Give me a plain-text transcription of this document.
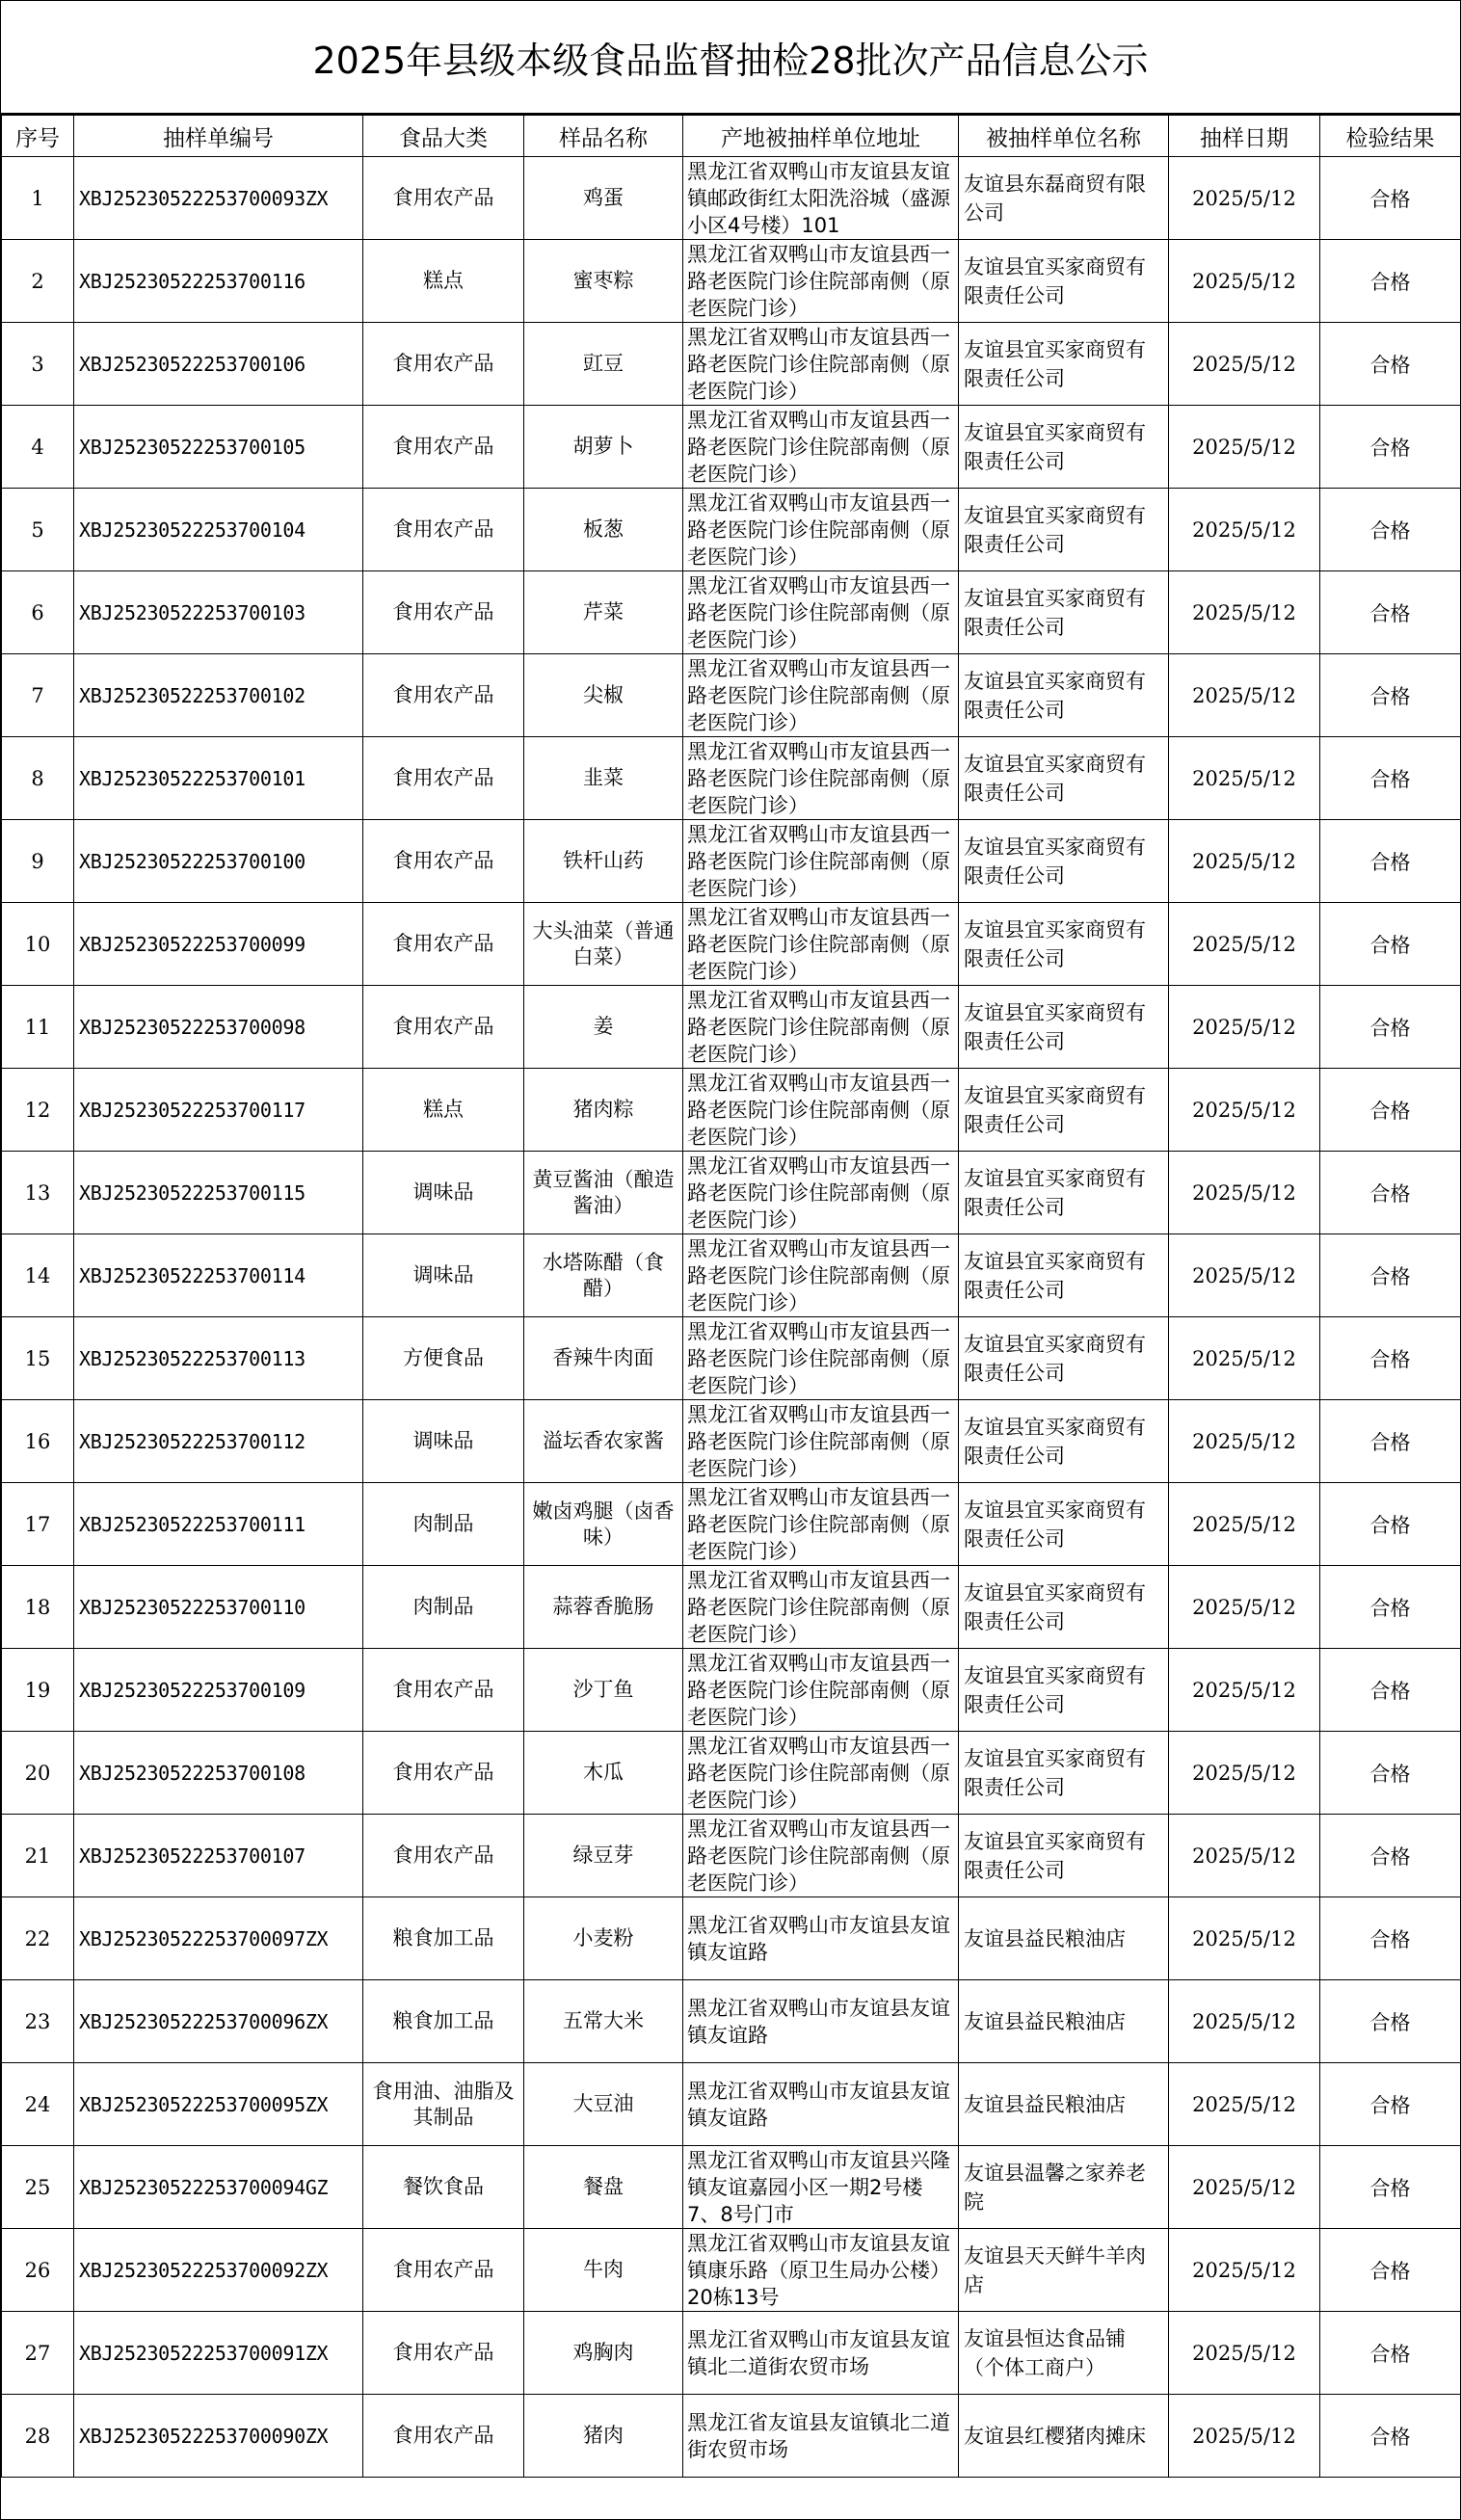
2025年县级本级食品监督抽检28批次产品信息公示
序号	抽样单编号	食品大类	样品名称	产地被抽样单位地址	被抽样单位名称	抽样日期	检验结果
1	XBJ25230522253700093ZX	食用农产品	鸡蛋	黑龙江省双鸭山市友谊县友谊镇邮政街红太阳洗浴城（盛源小区4号楼）101	友谊县东磊商贸有限公司	2025/5/12	合格
2	XBJ25230522253700116	糕点	蜜枣粽	黑龙江省双鸭山市友谊县西一路老医院门诊住院部南侧（原老医院门诊）	友谊县宜买家商贸有限责任公司	2025/5/12	合格
3	XBJ25230522253700106	食用农产品	豇豆	黑龙江省双鸭山市友谊县西一路老医院门诊住院部南侧（原老医院门诊）	友谊县宜买家商贸有限责任公司	2025/5/12	合格
4	XBJ25230522253700105	食用农产品	胡萝卜	黑龙江省双鸭山市友谊县西一路老医院门诊住院部南侧（原老医院门诊）	友谊县宜买家商贸有限责任公司	2025/5/12	合格
5	XBJ25230522253700104	食用农产品	板葱	黑龙江省双鸭山市友谊县西一路老医院门诊住院部南侧（原老医院门诊）	友谊县宜买家商贸有限责任公司	2025/5/12	合格
6	XBJ25230522253700103	食用农产品	芹菜	黑龙江省双鸭山市友谊县西一路老医院门诊住院部南侧（原老医院门诊）	友谊县宜买家商贸有限责任公司	2025/5/12	合格
7	XBJ25230522253700102	食用农产品	尖椒	黑龙江省双鸭山市友谊县西一路老医院门诊住院部南侧（原老医院门诊）	友谊县宜买家商贸有限责任公司	2025/5/12	合格
8	XBJ25230522253700101	食用农产品	韭菜	黑龙江省双鸭山市友谊县西一路老医院门诊住院部南侧（原老医院门诊）	友谊县宜买家商贸有限责任公司	2025/5/12	合格
9	XBJ25230522253700100	食用农产品	铁杆山药	黑龙江省双鸭山市友谊县西一路老医院门诊住院部南侧（原老医院门诊）	友谊县宜买家商贸有限责任公司	2025/5/12	合格
10	XBJ25230522253700099	食用农产品	大头油菜（普通白菜）	黑龙江省双鸭山市友谊县西一路老医院门诊住院部南侧（原老医院门诊）	友谊县宜买家商贸有限责任公司	2025/5/12	合格
11	XBJ25230522253700098	食用农产品	姜	黑龙江省双鸭山市友谊县西一路老医院门诊住院部南侧（原老医院门诊）	友谊县宜买家商贸有限责任公司	2025/5/12	合格
12	XBJ25230522253700117	糕点	猪肉粽	黑龙江省双鸭山市友谊县西一路老医院门诊住院部南侧（原老医院门诊）	友谊县宜买家商贸有限责任公司	2025/5/12	合格
13	XBJ25230522253700115	调味品	黄豆酱油（酿造酱油）	黑龙江省双鸭山市友谊县西一路老医院门诊住院部南侧（原老医院门诊）	友谊县宜买家商贸有限责任公司	2025/5/12	合格
14	XBJ25230522253700114	调味品	水塔陈醋（食醋）	黑龙江省双鸭山市友谊县西一路老医院门诊住院部南侧（原老医院门诊）	友谊县宜买家商贸有限责任公司	2025/5/12	合格
15	XBJ25230522253700113	方便食品	香辣牛肉面	黑龙江省双鸭山市友谊县西一路老医院门诊住院部南侧（原老医院门诊）	友谊县宜买家商贸有限责任公司	2025/5/12	合格
16	XBJ25230522253700112	调味品	溢坛香农家酱	黑龙江省双鸭山市友谊县西一路老医院门诊住院部南侧（原老医院门诊）	友谊县宜买家商贸有限责任公司	2025/5/12	合格
17	XBJ25230522253700111	肉制品	嫩卤鸡腿（卤香味）	黑龙江省双鸭山市友谊县西一路老医院门诊住院部南侧（原老医院门诊）	友谊县宜买家商贸有限责任公司	2025/5/12	合格
18	XBJ25230522253700110	肉制品	蒜蓉香脆肠	黑龙江省双鸭山市友谊县西一路老医院门诊住院部南侧（原老医院门诊）	友谊县宜买家商贸有限责任公司	2025/5/12	合格
19	XBJ25230522253700109	食用农产品	沙丁鱼	黑龙江省双鸭山市友谊县西一路老医院门诊住院部南侧（原老医院门诊）	友谊县宜买家商贸有限责任公司	2025/5/12	合格
20	XBJ25230522253700108	食用农产品	木瓜	黑龙江省双鸭山市友谊县西一路老医院门诊住院部南侧（原老医院门诊）	友谊县宜买家商贸有限责任公司	2025/5/12	合格
21	XBJ25230522253700107	食用农产品	绿豆芽	黑龙江省双鸭山市友谊县西一路老医院门诊住院部南侧（原老医院门诊）	友谊县宜买家商贸有限责任公司	2025/5/12	合格
22	XBJ25230522253700097ZX	粮食加工品	小麦粉	黑龙江省双鸭山市友谊县友谊镇友谊路	友谊县益民粮油店	2025/5/12	合格
23	XBJ25230522253700096ZX	粮食加工品	五常大米	黑龙江省双鸭山市友谊县友谊镇友谊路	友谊县益民粮油店	2025/5/12	合格
24	XBJ25230522253700095ZX	食用油、油脂及其制品	大豆油	黑龙江省双鸭山市友谊县友谊镇友谊路	友谊县益民粮油店	2025/5/12	合格
25	XBJ25230522253700094GZ	餐饮食品	餐盘	黑龙江省双鸭山市友谊县兴隆镇友谊嘉园小区一期2号楼7、8号门市	友谊县温馨之家养老院	2025/5/12	合格
26	XBJ25230522253700092ZX	食用农产品	牛肉	黑龙江省双鸭山市友谊县友谊镇康乐路（原卫生局办公楼）20栋13号	友谊县天天鲜牛羊肉店	2025/5/12	合格
27	XBJ25230522253700091ZX	食用农产品	鸡胸肉	黑龙江省双鸭山市友谊县友谊镇北二道街农贸市场	友谊县恒达食品铺（个体工商户）	2025/5/12	合格
28	XBJ25230522253700090ZX	食用农产品	猪肉	黑龙江省友谊县友谊镇北二道街农贸市场	友谊县红樱猪肉摊床	2025/5/12	合格
